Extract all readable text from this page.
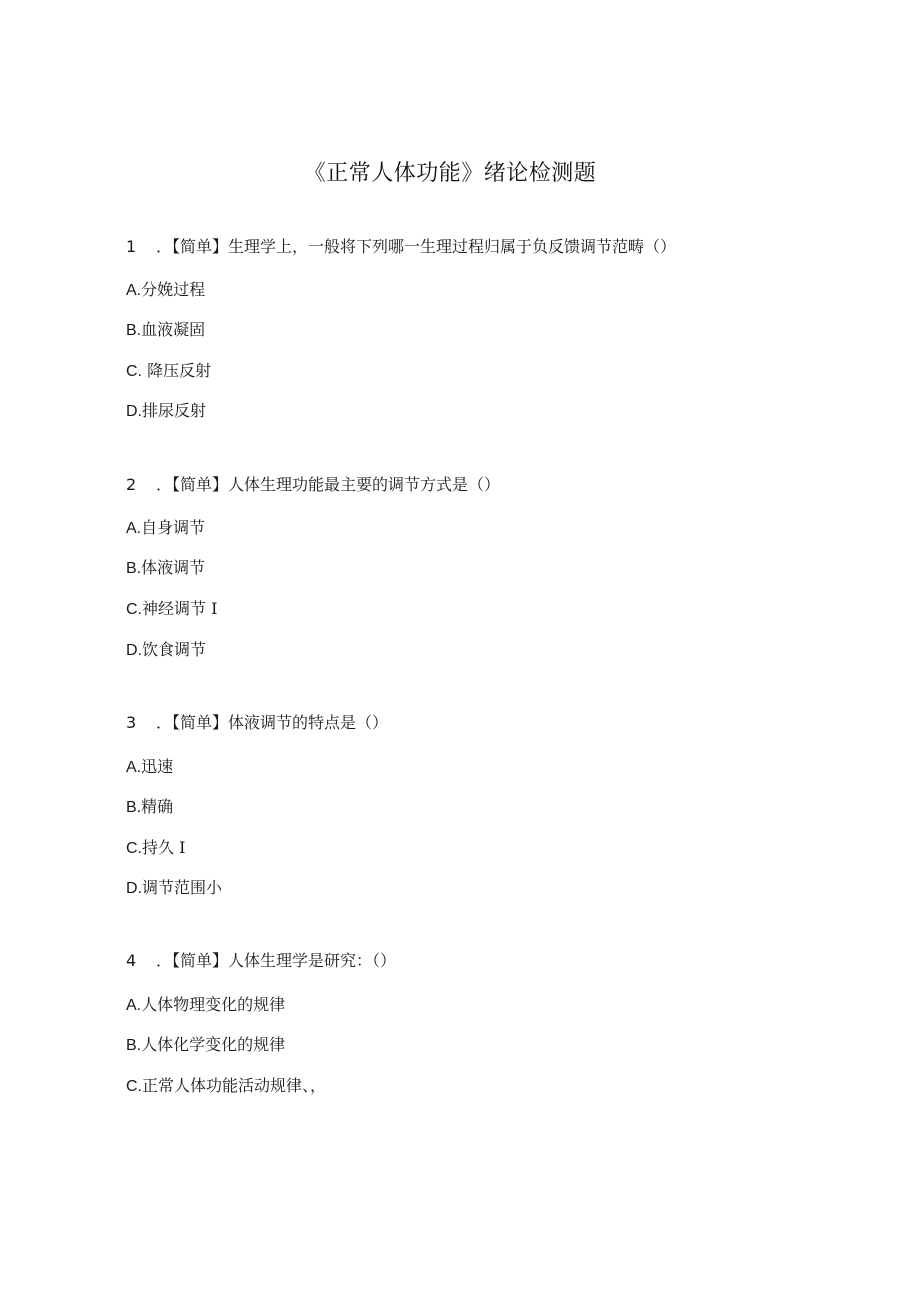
《正常人体功能》绪论检测题
1 ．【简单】生理学上，一般将下列哪一生理过程归属于负反馈调节范畴（）
A.分娩过程
B.血液凝固
C. 降压反射
D.排尿反射
2 ．【简单】人体生理功能最主要的调节方式是（）
A.自身调节
B.体液调节
C.神经调节 I
D.饮食调节
3 ．【简单】体液调节的特点是（）
A.迅速
B.精确
C.持久 I
D.调节范围小
4 ．【简单】人体生理学是研究：（）
A.人体物理变化的规律
B.人体化学变化的规律
C.正常人体功能活动规律、，
